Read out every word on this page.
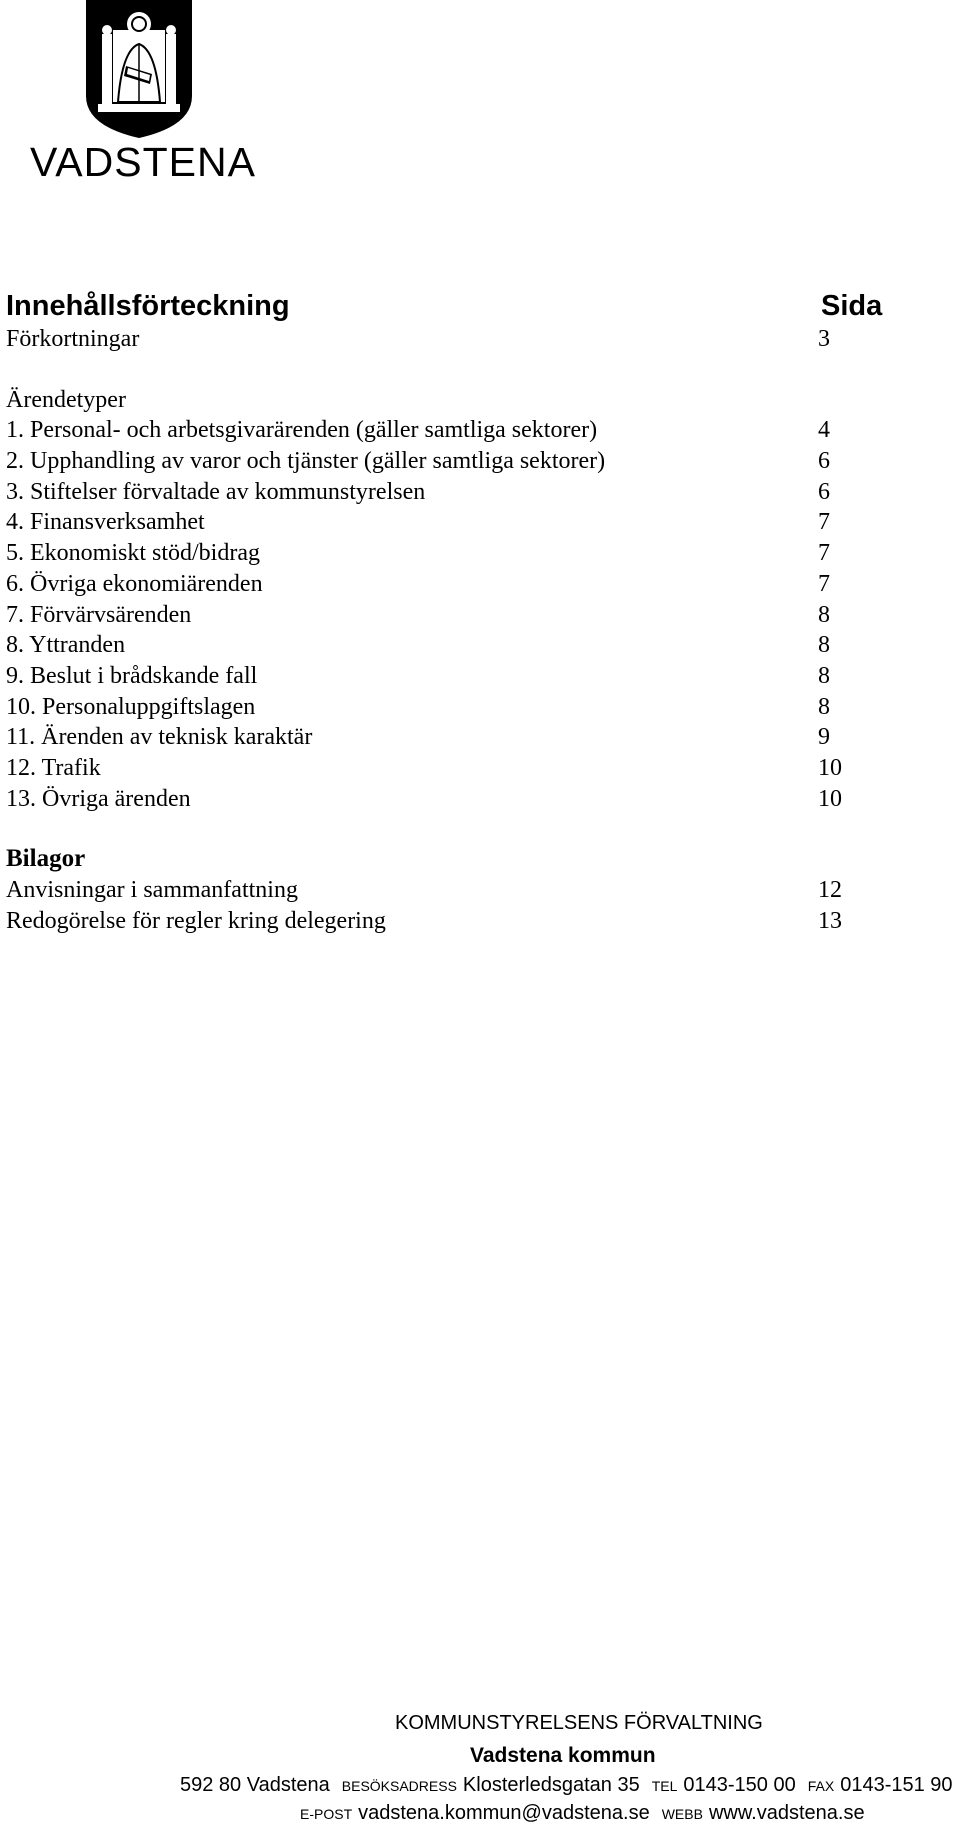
VADSTENA
Innehållsförteckning	Sida
Förkortningar	3
Ärendetyper
1. Personal- och arbetsgivarärenden (gäller samtliga sektorer)	4
2. Upphandling av varor och tjänster (gäller samtliga sektorer)	6
3. Stiftelser förvaltade av kommunstyrelsen	6
4. Finansverksamhet	7
5. Ekonomiskt stöd/bidrag	7
6. Övriga ekonomiärenden	7
7. Förvärvsärenden	8
8. Yttranden	8
9. Beslut i brådskande fall	8
10. Personaluppgiftslagen	8
11. Ärenden av teknisk karaktär	9
12. Trafik	10
13. Övriga ärenden	10
Bilagor
Anvisningar i sammanfattning	12
Redogörelse för regler kring delegering	13
KOMMUNSTYRELSENS FÖRVALTNING
Vadstena kommun
592 80 Vadstena BESÖKSADRESS Klosterledsgatan 35 TEL 0143-150 00 FAX 0143-151 90
E-POST vadstena.kommun@vadstena.se WEBB www.vadstena.se
